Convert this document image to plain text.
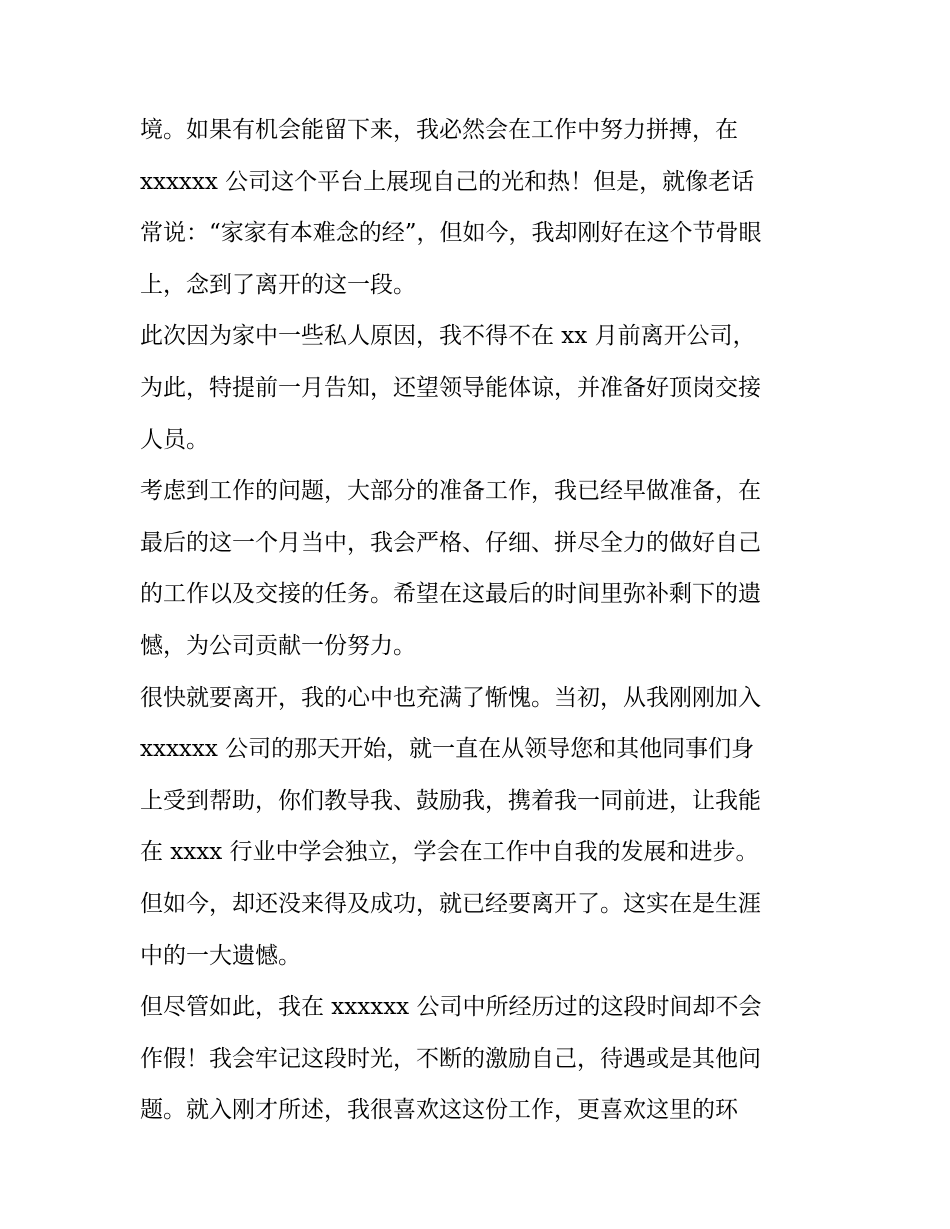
境。如果有机会能留下来，我必然会在工作中努力拼搏，在
xxxxxx 公司这个平台上展现自己的光和热！但是，就像老话
常说：“家家有本难念的经”，但如今，我却刚好在这个节骨眼
上，念到了离开的这一段。
此次因为家中一些私人原因，我不得不在 xx 月前离开公司，
为此，特提前一月告知，还望领导能体谅，并准备好顶岗交接
人员。
考虑到工作的问题，大部分的准备工作，我已经早做准备，在
最后的这一个月当中，我会严格、仔细、拼尽全力的做好自己
的工作以及交接的任务。希望在这最后的时间里弥补剩下的遗
憾，为公司贡献一份努力。
很快就要离开，我的心中也充满了惭愧。当初，从我刚刚加入
xxxxxx 公司的那天开始，就一直在从领导您和其他同事们身
上受到帮助，你们教导我、鼓励我，携着我一同前进，让我能
在 xxxx 行业中学会独立，学会在工作中自我的发展和进步。
但如今，却还没来得及成功，就已经要离开了。这实在是生涯
中的一大遗憾。
但尽管如此，我在 xxxxxx 公司中所经历过的这段时间却不会
作假！我会牢记这段时光，不断的激励自己，待遇或是其他问
题。就入刚才所述，我很喜欢这这份工作，更喜欢这里的环
